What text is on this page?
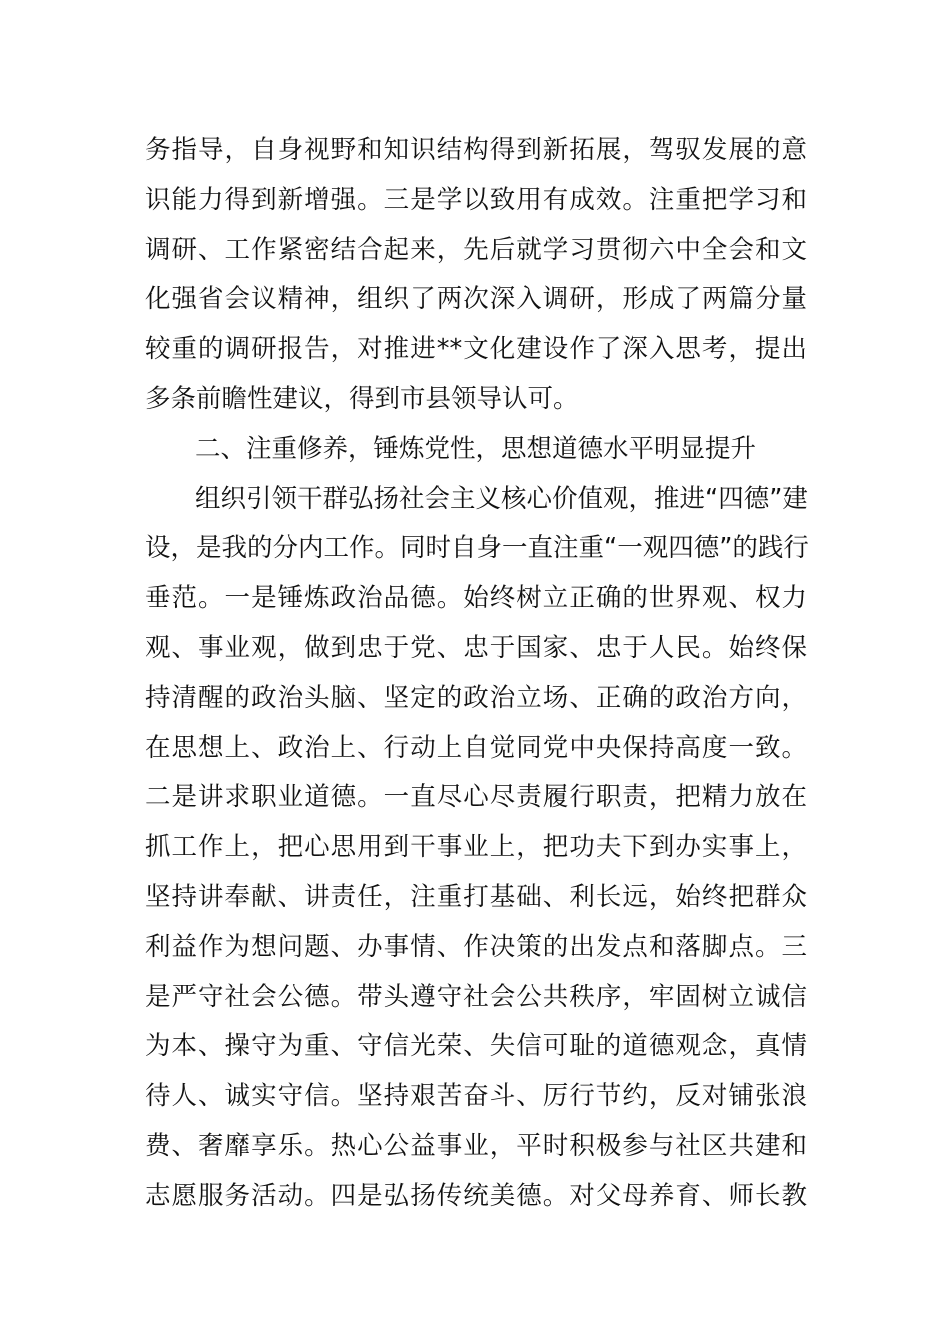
务指导，自身视野和知识结构得到新拓展，驾驭发展的意
识能力得到新增强。三是学以致用有成效。注重把学习和
调研、工作紧密结合起来，先后就学习贯彻六中全会和文
化强省会议精神，组织了两次深入调研，形成了两篇分量
较重的调研报告，对推进**文化建设作了深入思考，提出
多条前瞻性建议，得到市县领导认可。
二、注重修养，锤炼党性，思想道德水平明显提升
组织引领干群弘扬社会主义核心价值观，推进“四德”建
设，是我的分内工作。同时自身一直注重“一观四德”的践行
垂范。一是锤炼政治品德。始终树立正确的世界观、权力
观、事业观，做到忠于党、忠于国家、忠于人民。始终保
持清醒的政治头脑、坚定的政治立场、正确的政治方向，
在思想上、政治上、行动上自觉同党中央保持高度一致。
二是讲求职业道德。一直尽心尽责履行职责，把精力放在
抓工作上，把心思用到干事业上，把功夫下到办实事上，
坚持讲奉献、讲责任，注重打基础、利长远，始终把群众
利益作为想问题、办事情、作决策的出发点和落脚点。三
是严守社会公德。带头遵守社会公共秩序，牢固树立诚信
为本、操守为重、守信光荣、失信可耻的道德观念，真情
待人、诚实守信。坚持艰苦奋斗、厉行节约，反对铺张浪
费、奢靡享乐。热心公益事业，平时积极参与社区共建和
志愿服务活动。四是弘扬传统美德。对父母养育、师长教
